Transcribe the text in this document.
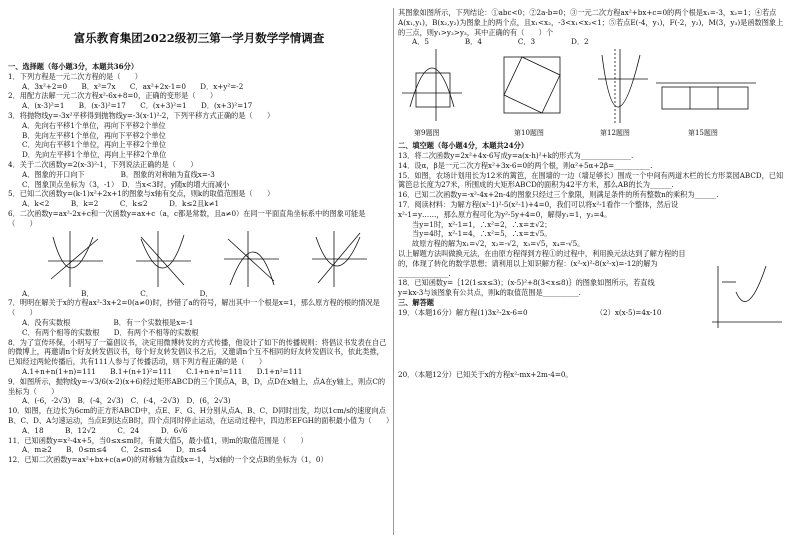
富乐教育集团2022级初三第一学月数学学情调查
一、选择题（每小题3分，本题共36分）
1．下列方程是一元二次方程的是（　　）
A．3x²+2=0　　B．x²=7x　　C．ax²+2x-1=0　　D．x+y²=-2
2．用配方法解一元二次方程x²-6x+8=0，正确的变形是（　　）
A．(x-3)²=1　　B．(x-3)²=17　　C．(x+3)²=1　　D．(x+3)²=17
3．将抛物线y=-3x²平移得到抛物线y=-3(x-1)²-2，下列平移方式正确的是（　　）
A．先向右平移1个单位，再向下平移2个单位
B．先向左平移1个单位，再向下平移2个单位
C．先向右平移1个单位，再向上平移2个单位
D．先向左平移1个单位，再向上平移2个单位
4．关于二次函数y=2(x-3)²-1，下列说法正确的是（　　）
A．图象的开口向下　　　　　B．图象的对称轴为直线x=-3
C．图象顶点坐标为（3，-1）　D．当x<3时，y随x的增大而减小
5．已知二次函数y=(k-1)x²+2x+1的图象与x轴有交点，则k的取值范围是（　　）
A．k<2　　　B．k=2　　　C．k≤2　　　D．k≤2且k≠1
6．二次函数y=ax²-2x+c和一次函数y=ax+c（a，c都是常数，且a≠0）在同一平面直角坐标系中的图象可能是（　　）
A．　　　　　　　B．　　　　　　　C．　　　　　　　D．
7．明明在解关于x的方程ax²-3x+2=0(a≠0)时，抄错了a的符号，解出其中一个根是x=1，那么原方程的根的情况是（　　）
A．没有实数根　　　　　　B．有一个实数根是x=-1
C．有两个相等的实数根　　D．有两个不相等的实数根
8．为了宣传环保，小明写了一篇倡议书，决定用微博转发的方式传播，他设计了如下的传播规则：将倡议书发表在自己的微博上，再邀请n个好友转发倡议书，每个好友转发倡议书之后，又邀请n个互不相同的好友转发倡议书，依此类推，已知经过两轮传播后，共有111人参与了传播活动，则下列方程正确的是（　　）
A.1+n+n(1+n)=111　　B.1+(n+1)²=111　　C.1+n+n²=111　　D.1+n²=111
9．如图所示，抛物线y=-√3/6(x-2)(x+6)经过矩形ABCD的三个顶点A，B，D，点D在x轴上，点A在y轴上，则点C的坐标为（　　）
A．(-6，-2√3)　B．(-4，2√3)　C．(-4，-2√3)　D．(6，2√3)
10．如图，在边长为6cm的正方形ABCD中，点E、F、G、H分别从点A、B、C、D同时出发，均以1cm/s的速度向点B、C、D、A匀速运动，当点E到达点B时，四个点同时停止运动，在运动过程中，四边形EFGH的面积最小值为（　　）
A．18　　　B．12√2　　　C．24　　　D．6√6
11．已知函数y=x²-4x+5，当0≤x≤m时，有最大值5，最小值1，则m的取值范围是（　　）
A．m≥2　　B．0≤m≤4　　C．2≤m≤4　　D．m≤4
12．已知二次函数y=ax²+bx+c(a≠0)的对称轴为直线x=-1，与x轴的一个交点B的坐标为（1，0）
其图象如图所示，下列结论：①abc<0；②2a-b=0；③一元二次方程ax²+bx+c=0的两个根是x₁=-3，x₂=1；④若点A(x₁,y₁)，B(x₂,y₂)为图象上的两个点，且x₁<x₂，-3<x₁<x₂<1；⑤若点E(-4，y₁)，F(-2，y₂)，M(3，y₃)是函数图象上的三点，则y₁>y₂>y₃，其中正确的有（　　）个
A．5　　　　　B．4　　　　　C．3　　　　　D．2
第9题图	第10题图	第12题图	第15题图
二、填空题（每小题4分，本题共24分）
13．将二次函数y=2x²+4x-6写成y=a(x-h)²+k的形式为______________.
14．设α，β是一元二次方程x²+3x-6=0的两个根，则α²+5α+2β=__________.
15．如图，农场计划用长为12米的篱笆，在围墙的一边（墙足够长）围成一个中间有两道木栏的长方形菜园ABCD，已知篱笆总长度为27米，所围成的大矩形ABCD的面积为42平方米，那么AB的长为______.
16．已知二次函数y=-x²-4x+2n-4的图象只经过三个象限，则满足条件的所有整数n的乘积为______.
17．阅读材料：为解方程(x²-1)²-5(x²-1)+4=0，我们可以将x²-1看作一个整体，然后设x²-1=y……，那么原方程可化为y²-5y+4=0，解得y₁=1，y₂=4。
当y=1时，x²-1=1，∴x²=2，∴x=±√2；
当y=4时，x²-1=4，∴x²=5，∴x=±√5。
故原方程的解为x₁=√2，x₂=-√2，x₃=√5，x₄=-√5。
以上解题方法叫做换元法，在由原方程得到方程①的过程中，利用换元法达到了解方程的目的，体现了转化的数学思想；请利用以上知识解方程：(x²-x)²-8(x²-x)=-12的解为______________.
18．已知函数y=｛12(1≤x≤3)；(x-5)²+8(3<x≤8)｝的图象如图所示，若直线
y=kx-3与该图象有公共点，则k的取值范围是__________.
三、解答题
19．（本题16分）解方程(1)3x²-2x-6=0　　　　　　　　　　（2）x(x-5)=4x-10
20．（本题12分）已知关于x的方程x²-mx+2m-4=0。
